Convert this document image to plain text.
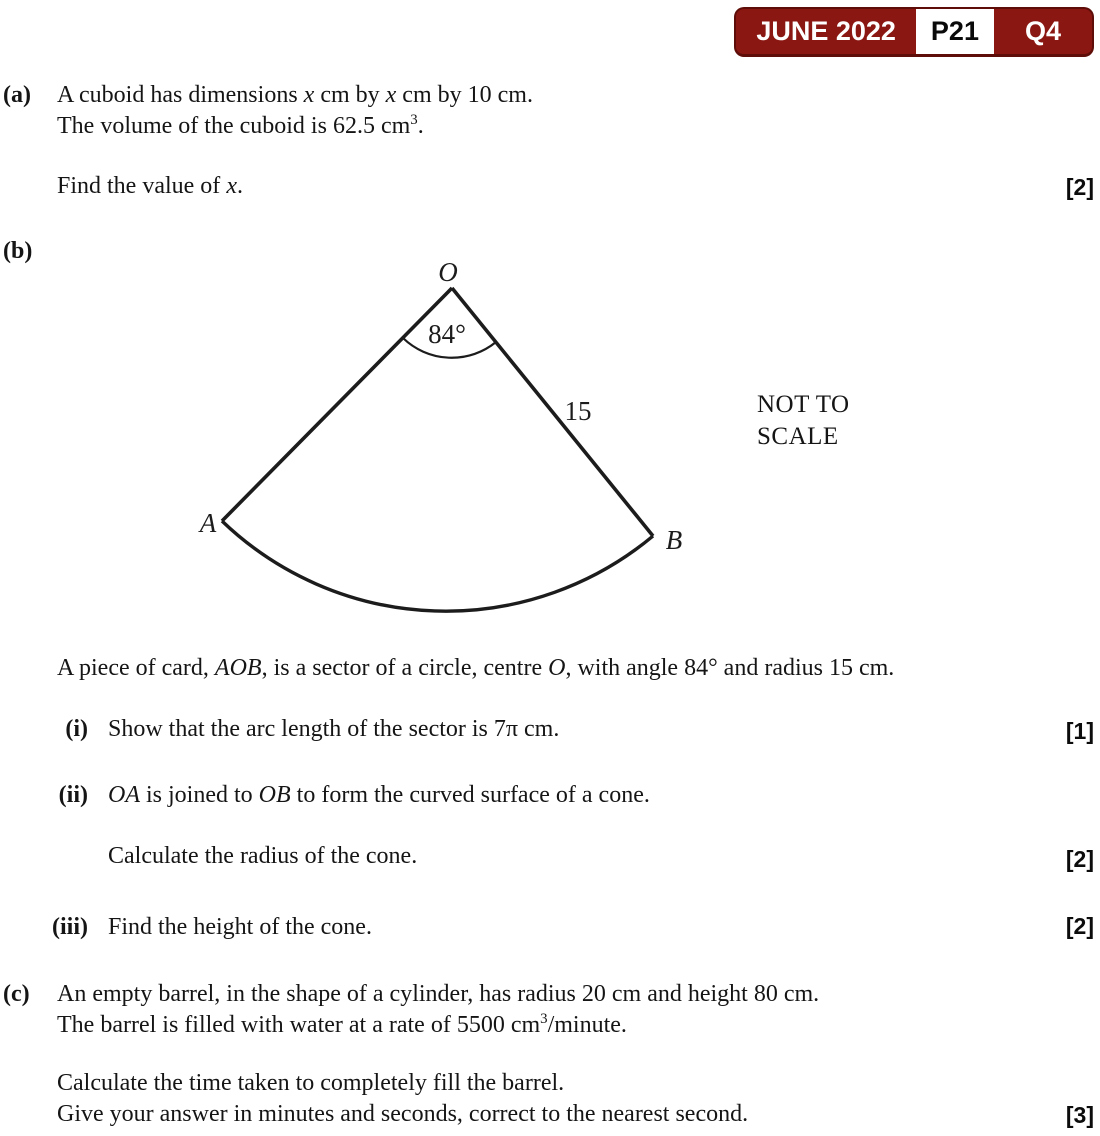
JUNE 2022	P21	Q4
(a) A cuboid has dimensions x cm by x cm by 10 cm.
The volume of the cuboid is 62.5 $cm^3$.
Find the value of x.	[2]
(b)
O
A
B
84°
15	NOT TO
SCALE
A piece of card, AOB, is a sector of a circle, centre O, with angle 84° and radius 15 cm.
(i) Show that the arc length of the sector is 7π cm.	[1]
(ii) OA is joined to OB to form the curved surface of a cone.
Calculate the radius of the cone.	[2]
(iii) Find the height of the cone.	[2]
(c) An empty barrel, in the shape of a cylinder, has radius 20 cm and height 80 cm.
The barrel is filled with water at a rate of 5500 $cm^3$/minute.
Calculate the time taken to completely fill the barrel.
Give your answer in minutes and seconds, correct to the nearest second.	[3]
